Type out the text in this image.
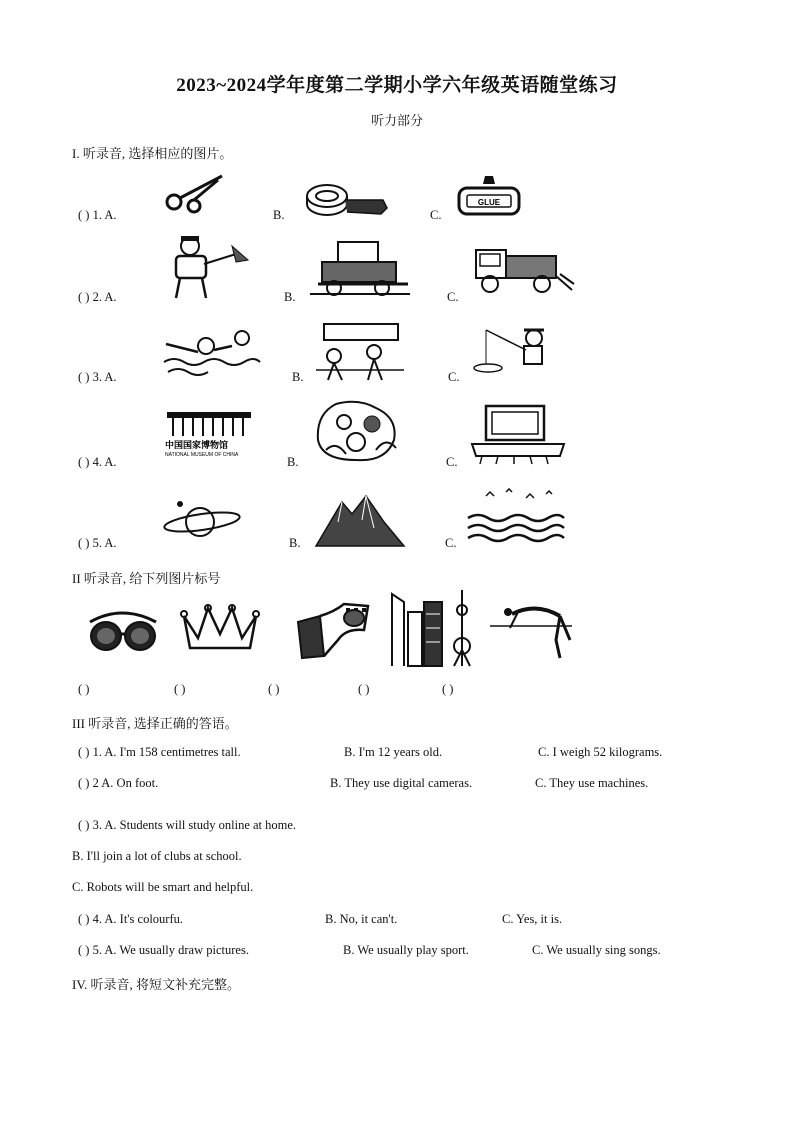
2023~2024学年度第二学期小学六年级英语随堂练习
听力部分
I. 听录音, 选择相应的图片。
( ) 1. A.	B.	C.
GLUE
( ) 2. A.	B.	C.
( ) 3. A.	B.	C.
( ) 4. A.
中国国家博物馆
NATIONAL MUSEUM OF CHINA	B.	C.
( ) 5. A.	B.	C.
II 听录音, 给下列图片标号
( )	( )	( )	( )	( )
III 听录音, 选择正确的答语。
( ) 1. A. I'm 158 centimetres tall.	B. I'm 12 years old.	C. I weigh 52 kilograms.
( ) 2 A. On foot.	B. They use digital cameras.	C. They use machines.
( ) 3. A. Students will study online at home.
B. I'll join a lot of clubs at school.
C. Robots will be smart and helpful.
( ) 4. A. It's colourfu.	B. No, it can't.	C. Yes, it is.
( ) 5. A. We usually draw pictures.	B. We usually play sport.	C. We usually sing songs.
IV. 听录音, 将短文补充完整。
